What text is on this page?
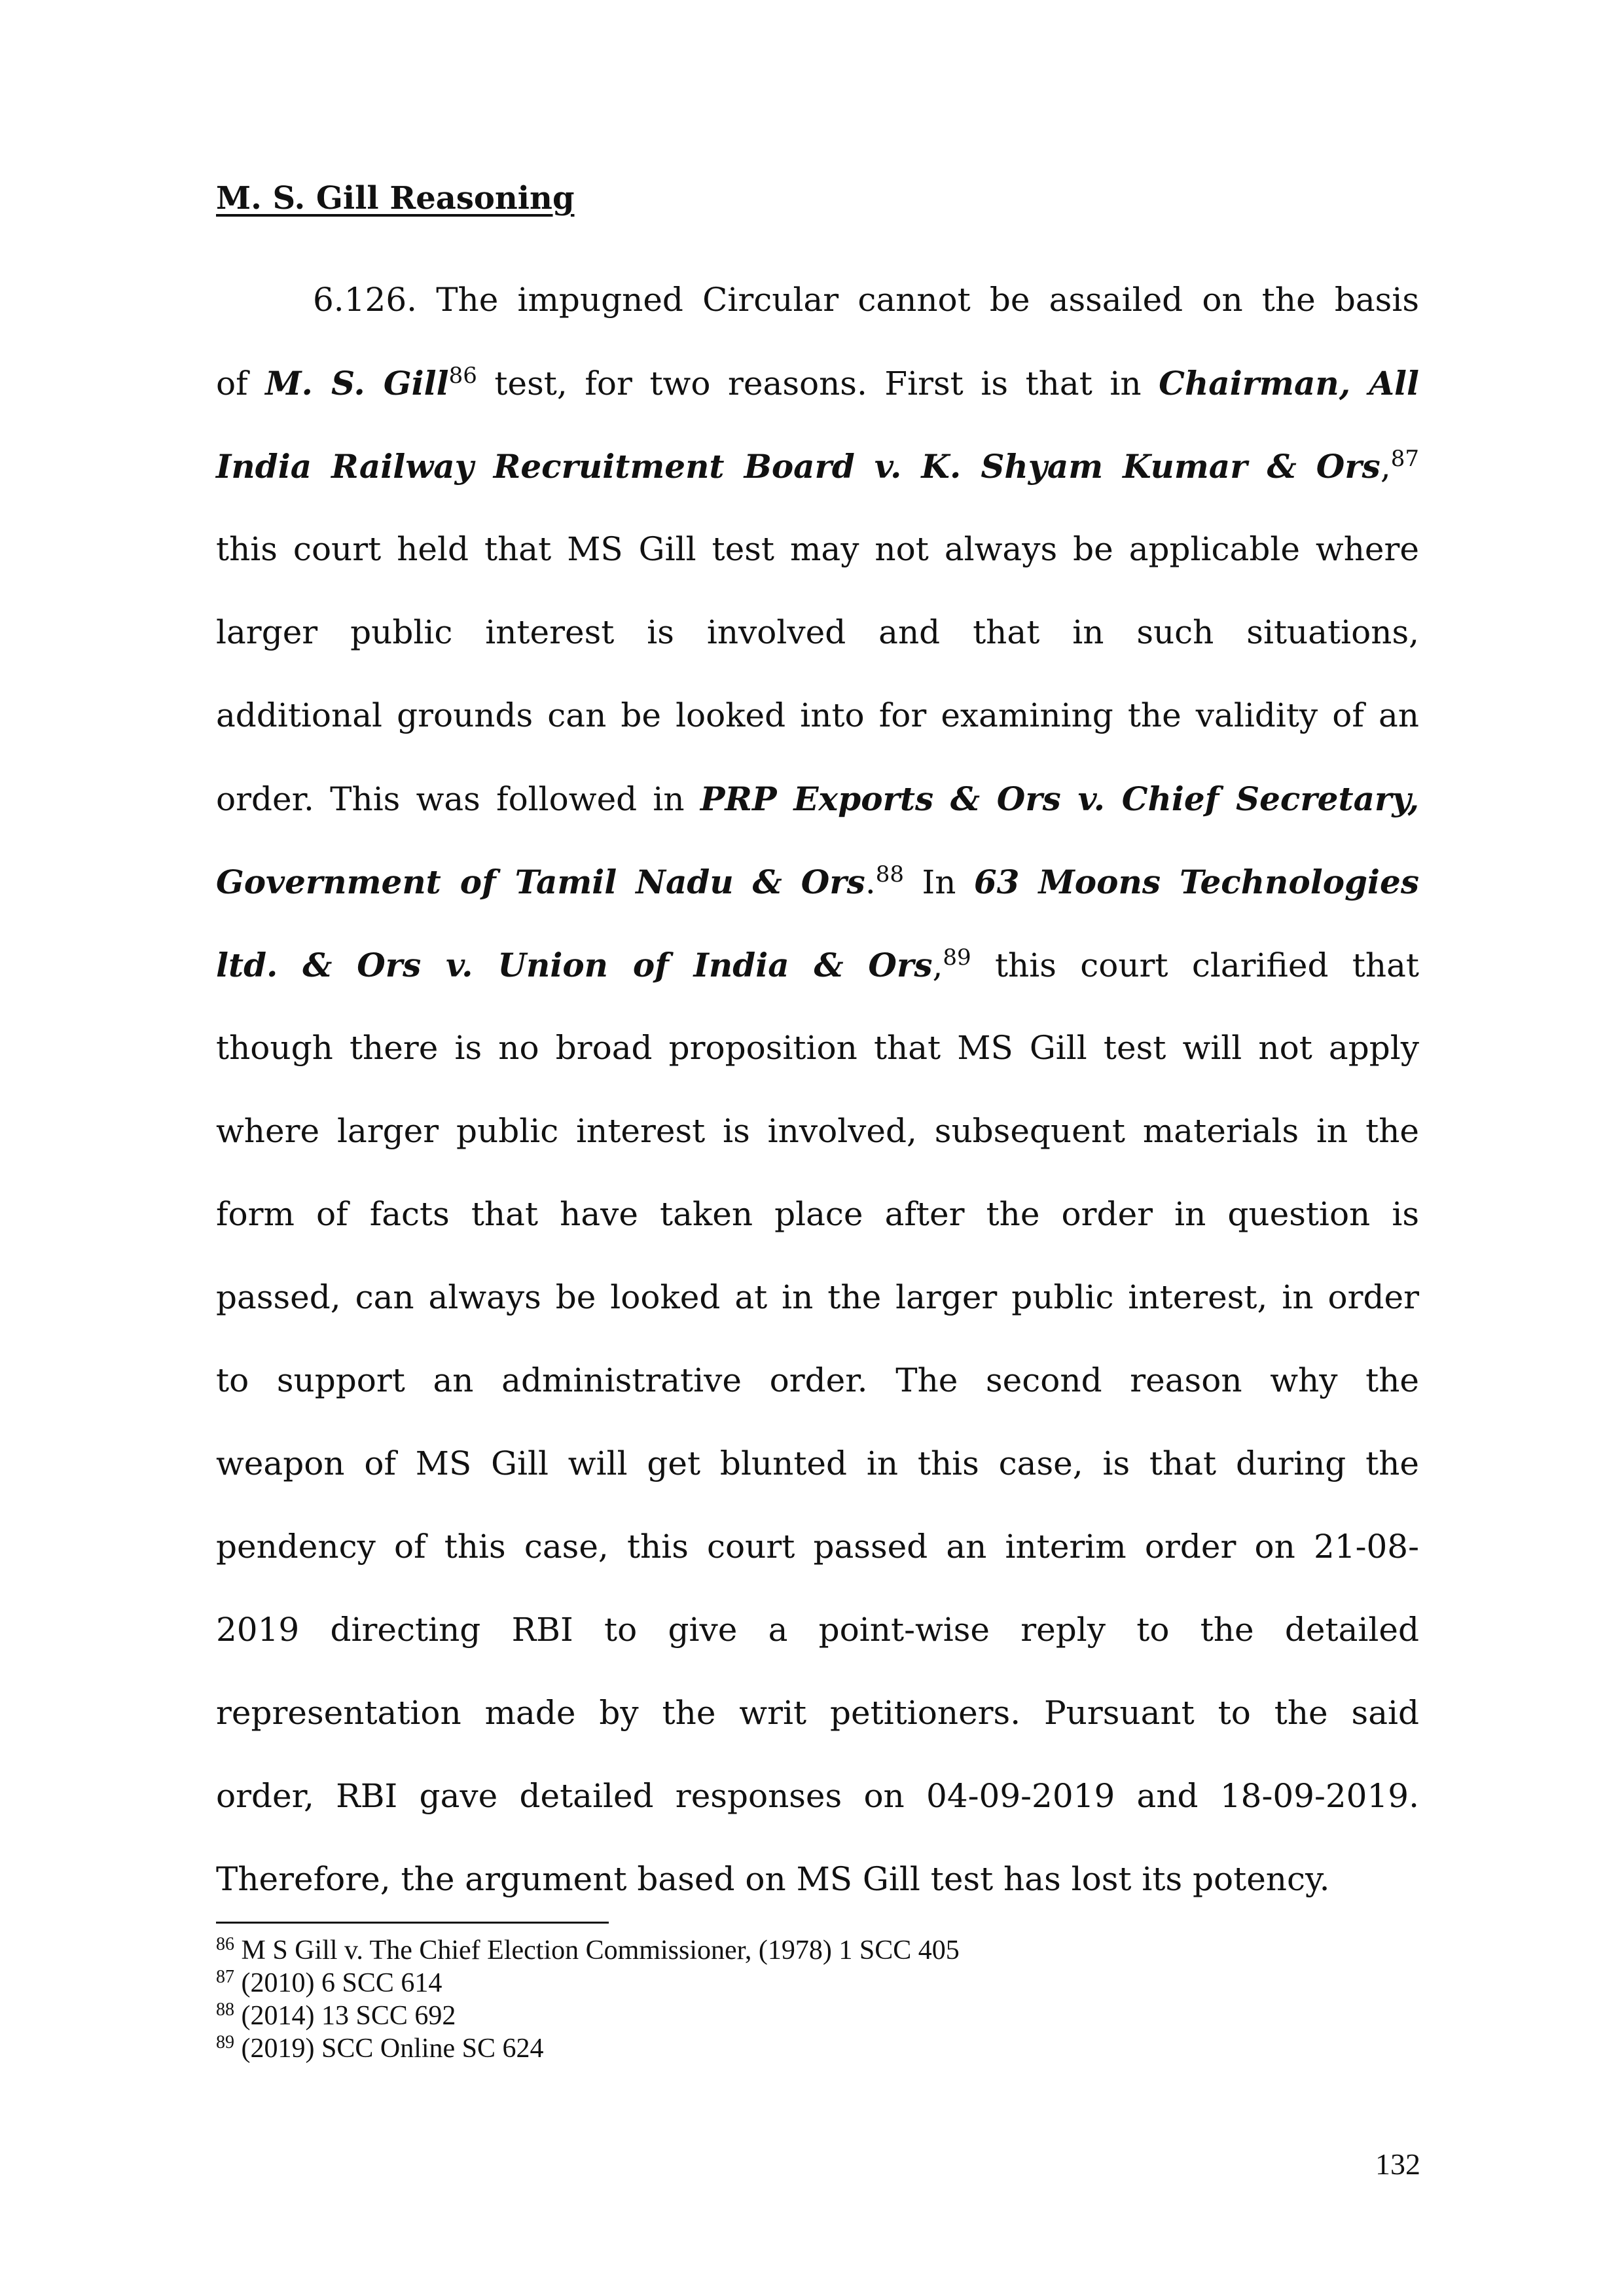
M. S. Gill Reasoning
6.126. The impugned Circular cannot be assailed on the basis
of M. S. Gill$^{86}$ test, for two reasons. First is that in Chairman, All
India Railway Recruitment Board v. K. Shyam Kumar & Ors,$^{87}$
this court held that MS Gill test may not always be applicable where
larger public interest is involved and that in such situations,
additional grounds can be looked into for examining the validity of an
order. This was followed in PRP Exports & Ors v. Chief Secretary,
Government of Tamil Nadu & Ors.$^{88}$ In 63 Moons Technologies
ltd. & Ors v. Union of India & Ors,$^{89}$ this court clarified that
though there is no broad proposition that MS Gill test will not apply
where larger public interest is involved, subsequent materials in the
form of facts that have taken place after the order in question is
passed, can always be looked at in the larger public interest, in order
to support an administrative order. The second reason why the
weapon of MS Gill will get blunted in this case, is that during the
pendency of this case, this court passed an interim order on 21-08-
2019 directing RBI to give a point-wise reply to the detailed
representation made by the writ petitioners. Pursuant to the said
order, RBI gave detailed responses on 04-09-2019 and 18-09-2019.
Therefore, the argument based on MS Gill test has lost its potency.
$^{86}$ M S Gill v. The Chief Election Commissioner, (1978) 1 SCC 405
$^{87}$ (2010) 6 SCC 614
$^{88}$ (2014) 13 SCC 692
$^{89}$ (2019) SCC Online SC 624
132
